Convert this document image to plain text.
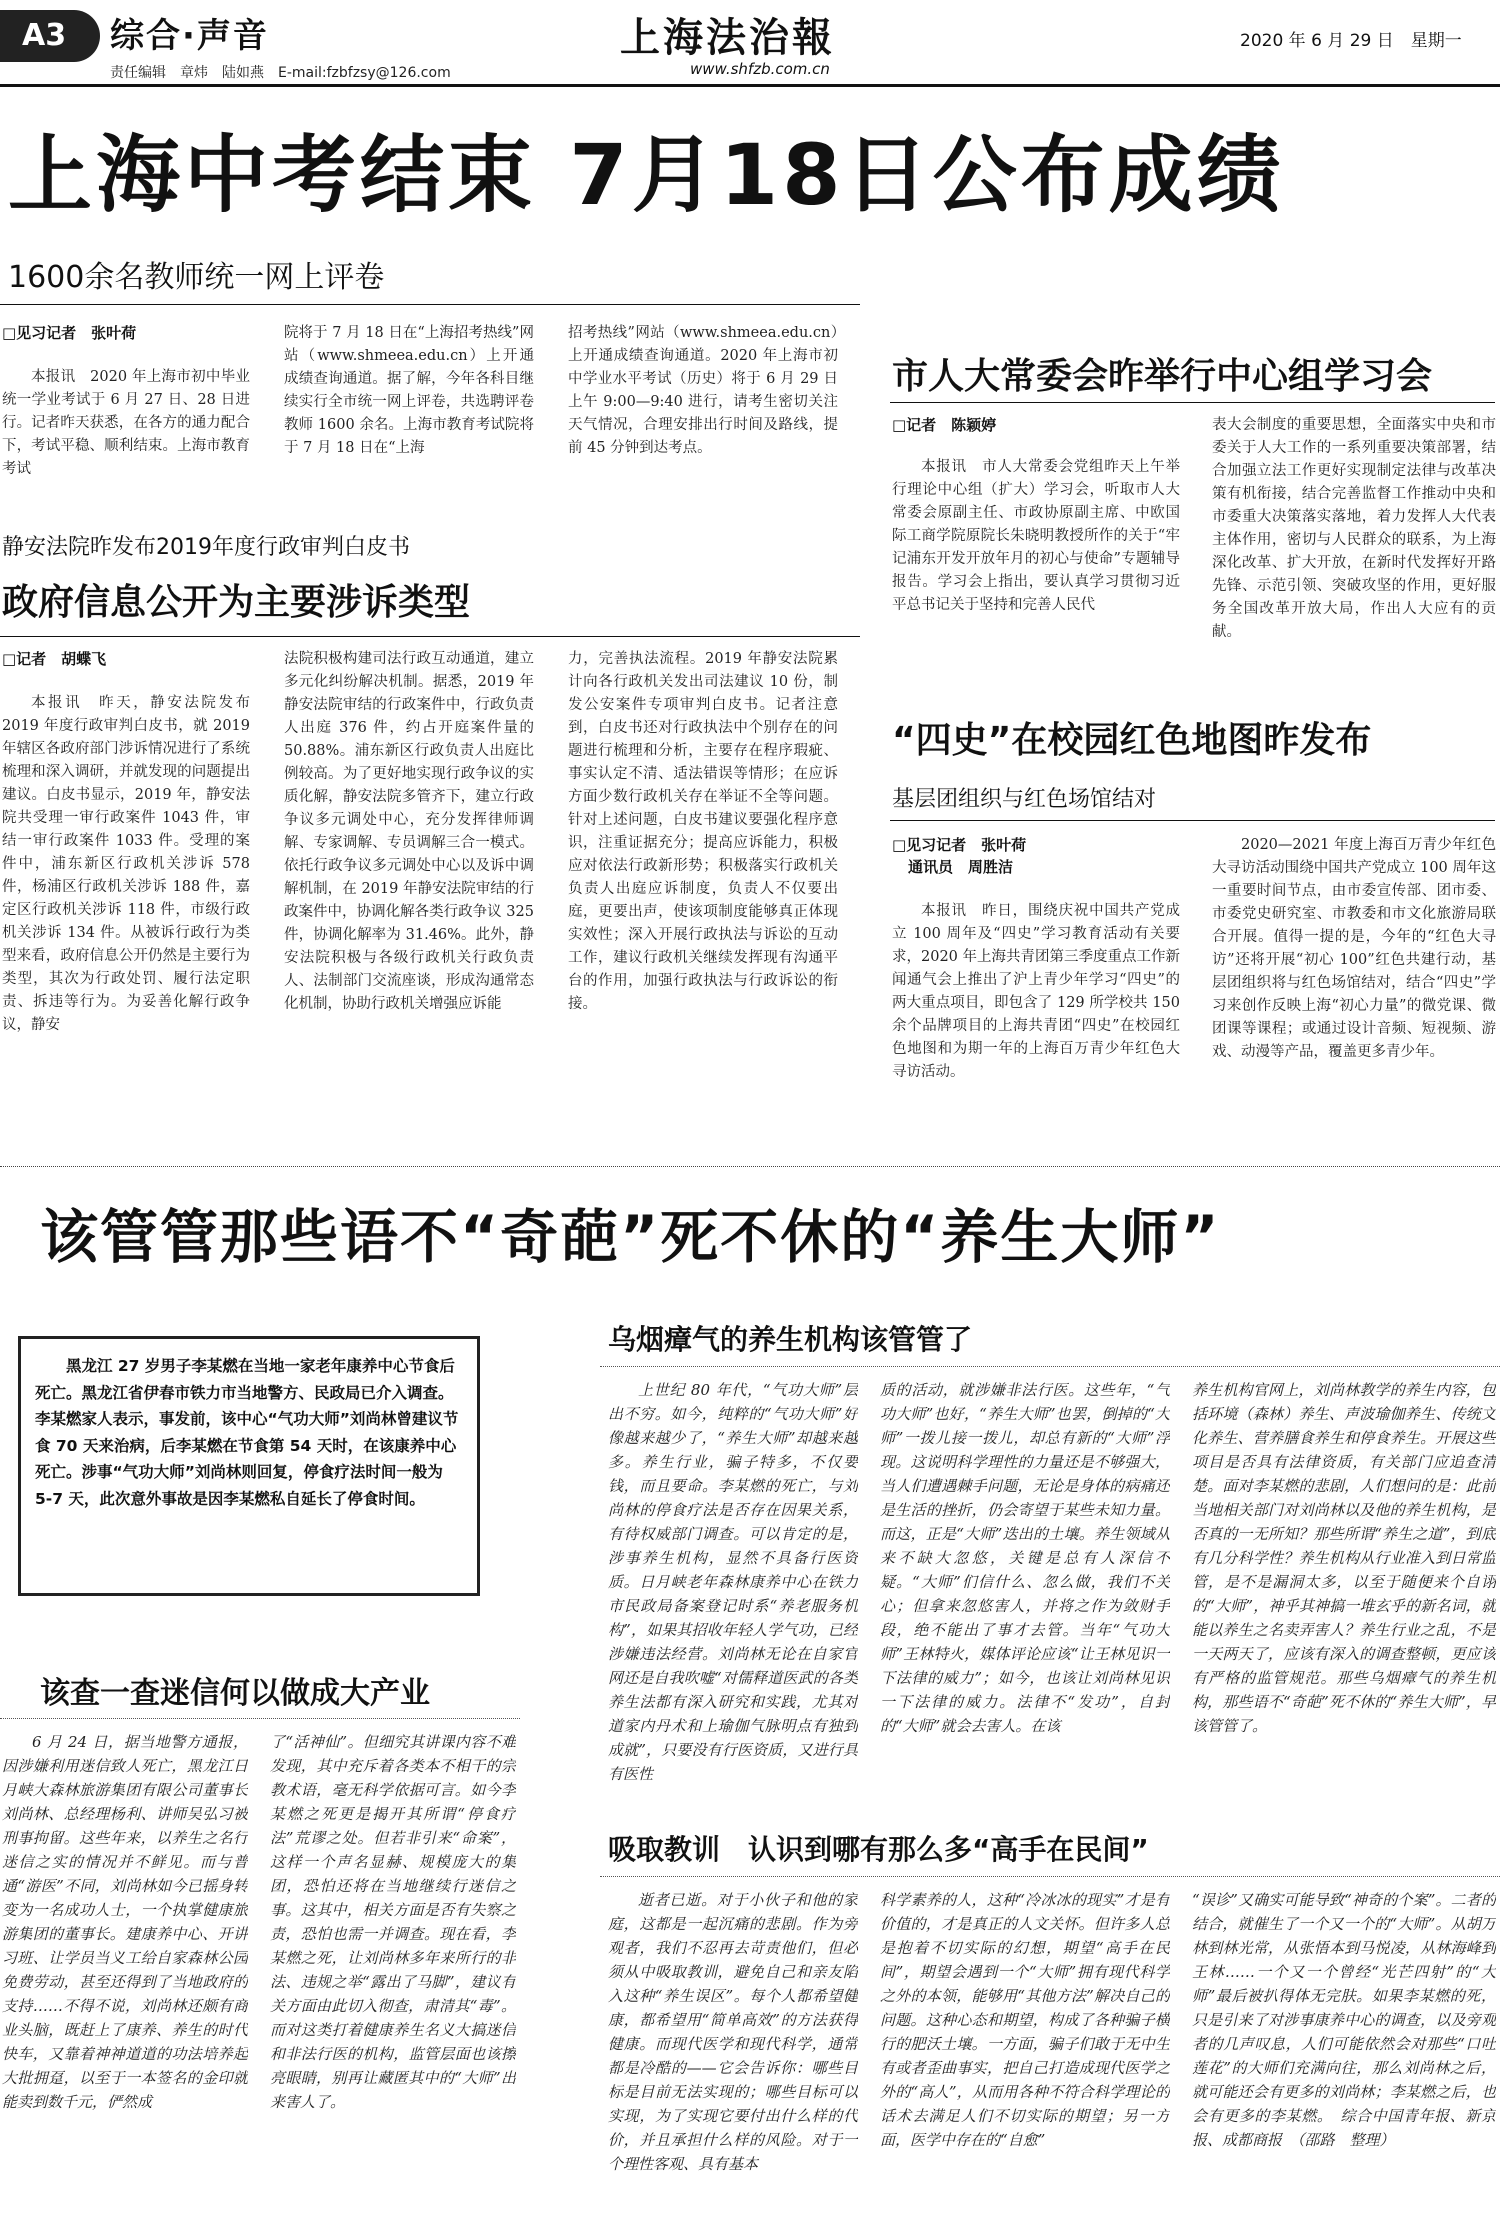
A3	综合·声音
责任编辑　章炜　陆如燕　E-mail:fzbfzsy@126.com
上海法治報
www.shfzb.com.cn
2020 年 6 月 29 日　星期一
上海中考结束 7月18日公布成绩
1600余名教师统一网上评卷
□见习记者　张叶荷

本报讯　2020 年上海市初中毕业统一学业考试于 6 月 27 日、28 日进行。记者昨天获悉，在各方的通力配合下，考试平稳、顺利结束。上海市教育考试

院将于 7 月 18 日在“上海招考热线”网站（www.shmeea.edu.cn）上开通成绩查询通道。据了解，今年各科目继续实行全市统一网上评卷，共选聘评卷教师 1600 余名。上海市教育考试院将于 7 月 18 日在“上海

招考热线”网站（www.shmeea.edu.cn）上开通成绩查询通道。2020 年上海市初中学业水平考试（历史）将于 6 月 29 日上午 9:00—9:40 进行，请考生密切关注天气情况，合理安排出行时间及路线，提前 45 分钟到达考点。

静安法院昨发布2019年度行政审判白皮书
政府信息公开为主要涉诉类型
□记者　胡蝶飞

本报讯　昨天，静安法院发布 2019 年度行政审判白皮书，就 2019 年辖区各政府部门涉诉情况进行了系统梳理和深入调研，并就发现的问题提出建议。白皮书显示，2019 年，静安法院共受理一审行政案件 1043 件，审结一审行政案件 1033 件。受理的案件中，浦东新区行政机关涉诉 578 件，杨浦区行政机关涉诉 188 件，嘉定区行政机关涉诉 118 件，市级行政机关涉诉 134 件。从被诉行政行为类型来看，政府信息公开仍然是主要行为类型，其次为行政处罚、履行法定职责、拆违等行为。为妥善化解行政争议，静安

法院积极构建司法行政互动通道，建立多元化纠纷解决机制。据悉，2019 年静安法院审结的行政案件中，行政负责人出庭 376 件，约占开庭案件量的 50.88%。浦东新区行政负责人出庭比例较高。为了更好地实现行政争议的实质化解，静安法院多管齐下，建立行政争议多元调处中心，充分发挥律师调解、专家调解、专员调解三合一模式。依托行政争议多元调处中心以及诉中调解机制，在 2019 年静安法院审结的行政案件中，协调化解各类行政争议 325 件，协调化解率为 31.46%。此外，静安法院积极与各级行政机关行政负责人、法制部门交流座谈，形成沟通常态化机制，协助行政机关增强应诉能

力，完善执法流程。2019 年静安法院累计向各行政机关发出司法建议 10 份，制发公安案件专项审判白皮书。记者注意到，白皮书还对行政执法中个别存在的问题进行梳理和分析，主要存在程序瑕疵、事实认定不清、适法错误等情形；在应诉方面少数行政机关存在举证不全等问题。针对上述问题，白皮书建议要强化程序意识，注重证据充分；提高应诉能力，积极应对依法行政新形势；积极落实行政机关负责人出庭应诉制度，负责人不仅要出庭，更要出声，使该项制度能够真正体现实效性；深入开展行政执法与诉讼的互动工作，建议行政机关继续发挥现有沟通平台的作用，加强行政执法与行政诉讼的衔接。

市人大常委会昨举行中心组学习会
□记者　陈颖婷

本报讯　市人大常委会党组昨天上午举行理论中心组（扩大）学习会，听取市人大常委会原副主任、市政协原副主席、中欧国际工商学院原院长朱晓明教授所作的关于“牢记浦东开发开放年月的初心与使命”专题辅导报告。学习会上指出，要认真学习贯彻习近平总书记关于坚持和完善人民代

表大会制度的重要思想，全面落实中央和市委关于人大工作的一系列重要决策部署，结合加强立法工作更好实现制定法律与改革决策有机衔接，结合完善监督工作推动中央和市委重大决策落实落地，着力发挥人大代表主体作用，密切与人民群众的联系，为上海深化改革、扩大开放，在新时代发挥好开路先锋、示范引领、突破攻坚的作用，更好服务全国改革开放大局，作出人大应有的贡献。

“四史”在校园红色地图昨发布
基层团组织与红色场馆结对
□见习记者　张叶荷
通讯员　周胜洁

本报讯　昨日，围绕庆祝中国共产党成立 100 周年及“四史”学习教育活动有关要求，2020 年上海共青团第三季度重点工作新闻通气会上推出了沪上青少年学习“四史”的两大重点项目，即包含了 129 所学校共 150 余个品牌项目的上海共青团“四史”在校园红色地图和为期一年的上海百万青少年红色大寻访活动。

2020—2021 年度上海百万青少年红色大寻访活动围绕中国共产党成立 100 周年这一重要时间节点，由市委宣传部、团市委、市委党史研究室、市教委和市文化旅游局联合开展。值得一提的是，今年的“红色大寻访”还将开展“初心 100”红色共建行动，基层团组织将与红色场馆结对，结合“四史”学习来创作反映上海“初心力量”的微党课、微团课等课程；或通过设计音频、短视频、游戏、动漫等产品，覆盖更多青少年。

该管管那些语不“奇葩”死不休的“养生大师”

黑龙江 27 岁男子李某燃在当地一家老年康养中心节食后死亡。黑龙江省伊春市铁力市当地警方、民政局已介入调查。李某燃家人表示，事发前，该中心“气功大师”刘尚林曾建议节食 70 天来治病，后李某燃在节食第 54 天时，在该康养中心死亡。涉事“气功大师”刘尚林则回复，停食疗法时间一般为 5-7 天，此次意外事故是因李某燃私自延长了停食时间。

该查一查迷信何以做成大产业

6 月 24 日，据当地警方通报，因涉嫌利用迷信致人死亡，黑龙江日月峡大森林旅游集团有限公司董事长刘尚林、总经理杨利、讲师吴弘习被刑事拘留。这些年来，以养生之名行迷信之实的情况并不鲜见。而与普通“游医”不同，刘尚林如今已摇身转变为一名成功人士，一个执掌健康旅游集团的董事长。建康养中心、开讲习班、让学员当义工给自家森林公园免费劳动，甚至还得到了当地政府的支持……不得不说，刘尚林还颇有商业头脑，既赶上了康养、养生的时代快车，又靠着神神道道的功法培养起大批拥趸，以至于一本签名的金印就能卖到数千元，俨然成

了“活神仙”。但细究其讲课内容不难发现，其中充斥着各类本不相干的宗教术语，毫无科学依据可言。如今李某燃之死更是揭开其所谓“停食疗法”荒谬之处。但若非引来“命案”，这样一个声名显赫、规模庞大的集团，恐怕还将在当地继续行迷信之事。这其中，相关方面是否有失察之责，恐怕也需一并调查。现在看，李某燃之死，让刘尚林多年来所行的非法、违规之举“露出了马脚”，建议有关方面由此切入彻查，肃清其“毒”。而对这类打着健康养生名义大搞迷信和非法行医的机构，监管层面也该擦亮眼睛，别再让藏匿其中的“大师”出来害人了。

乌烟瘴气的养生机构该管管了

上世纪 80 年代，“气功大师”层出不穷。如今，纯粹的“气功大师”好像越来越少了，“养生大师”却越来越多。养生行业，骗子特多，不仅要钱，而且要命。李某燃的死亡，与刘尚林的停食疗法是否存在因果关系，有待权威部门调查。可以肯定的是，涉事养生机构，显然不具备行医资质。日月峡老年森林康养中心在铁力市民政局备案登记时系“养老服务机构”，如果其招收年轻人学气功，已经涉嫌违法经营。刘尚林无论在自家官网还是自我吹嘘“对儒释道医武的各类养生法都有深入研究和实践，尤其对道家内丹术和上瑜伽气脉明点有独到成就”，只要没有行医资质，又进行具有医性

质的活动，就涉嫌非法行医。这些年，“气功大师”也好，“养生大师”也罢，倒掉的“大师”一拨儿接一拨儿，却总有新的“大师”浮现。这说明科学理性的力量还是不够强大，当人们遭遇棘手问题，无论是身体的病痛还是生活的挫折，仍会寄望于某些未知力量。而这，正是“大师”迭出的土壤。养生领域从来不缺大忽悠，关键是总有人深信不疑。“大师”们信什么、忽么做，我们不关心；但拿来忽悠害人，并将之作为敛财手段，绝不能出了事才去管。当年“气功大师”王林特火，媒体评论应该“让王林见识一下法律的威力”；如今，也该让刘尚林见识一下法律的威力。法律不“发功”，自封的“大师”就会去害人。在该

养生机构官网上，刘尚林教学的养生内容，包括环境（森林）养生、声波瑜伽养生、传统文化养生、营养膳食养生和停食养生。开展这些项目是否具有法律资质，有关部门应追查清楚。面对李某燃的悲剧，人们想问的是：此前当地相关部门对刘尚林以及他的养生机构，是否真的一无所知？那些所谓“养生之道”，到底有几分科学性？养生机构从行业准入到日常监管，是不是漏洞太多，以至于随便来个自诩的“大师”，神乎其神搞一堆玄乎的新名词，就能以养生之名卖弄害人？养生行业之乱，不是一天两天了，应该有深入的调查整顿，更应该有严格的监管规范。那些乌烟瘴气的养生机构，那些语不“奇葩”死不休的“养生大师”，早该管管了。

吸取教训　认识到哪有那么多“高手在民间”

逝者已逝。对于小伙子和他的家庭，这都是一起沉痛的悲剧。作为旁观者，我们不忍再去苛责他们，但必须从中吸取教训，避免自己和亲友陷入这种“养生误区”。每个人都希望健康，都希望用“简单高效”的方法获得健康。而现代医学和现代科学，通常都是冷酷的——它会告诉你：哪些目标是目前无法实现的；哪些目标可以实现，为了实现它要付出什么样的代价，并且承担什么样的风险。对于一个理性客观、具有基本

科学素养的人，这种“冷冰冰的现实”才是有价值的，才是真正的人文关怀。但许多人总是抱着不切实际的幻想，期望“高手在民间”，期望会遇到一个“大师”拥有现代科学之外的本领，能够用“其他方法”解决自己的问题。这种心态和期望，构成了各种骗子横行的肥沃土壤。一方面，骗子们敢于无中生有或者歪曲事实，把自己打造成现代医学之外的“高人”，从而用各种不符合科学理论的话术去满足人们不切实际的期望；另一方面，医学中存在的“自愈”

“误诊”又确实可能导致“神奇的个案”。二者的结合，就催生了一个又一个的“大师”。从胡万林到林光常，从张悟本到马悦凌，从林海峰到王林……一个又一个曾经“光芒四射”的“大师”最后被扒得体无完肤。如果李某燃的死，只是引来了对涉事康养中心的调查，以及旁观者的几声叹息，人们可能依然会对那些“口吐莲花”的大师们充满向往，那么刘尚林之后，就可能还会有更多的刘尚林；李某燃之后，也会有更多的李某燃。　综合中国青年报、新京报、成都商报　（邵路　整理）
